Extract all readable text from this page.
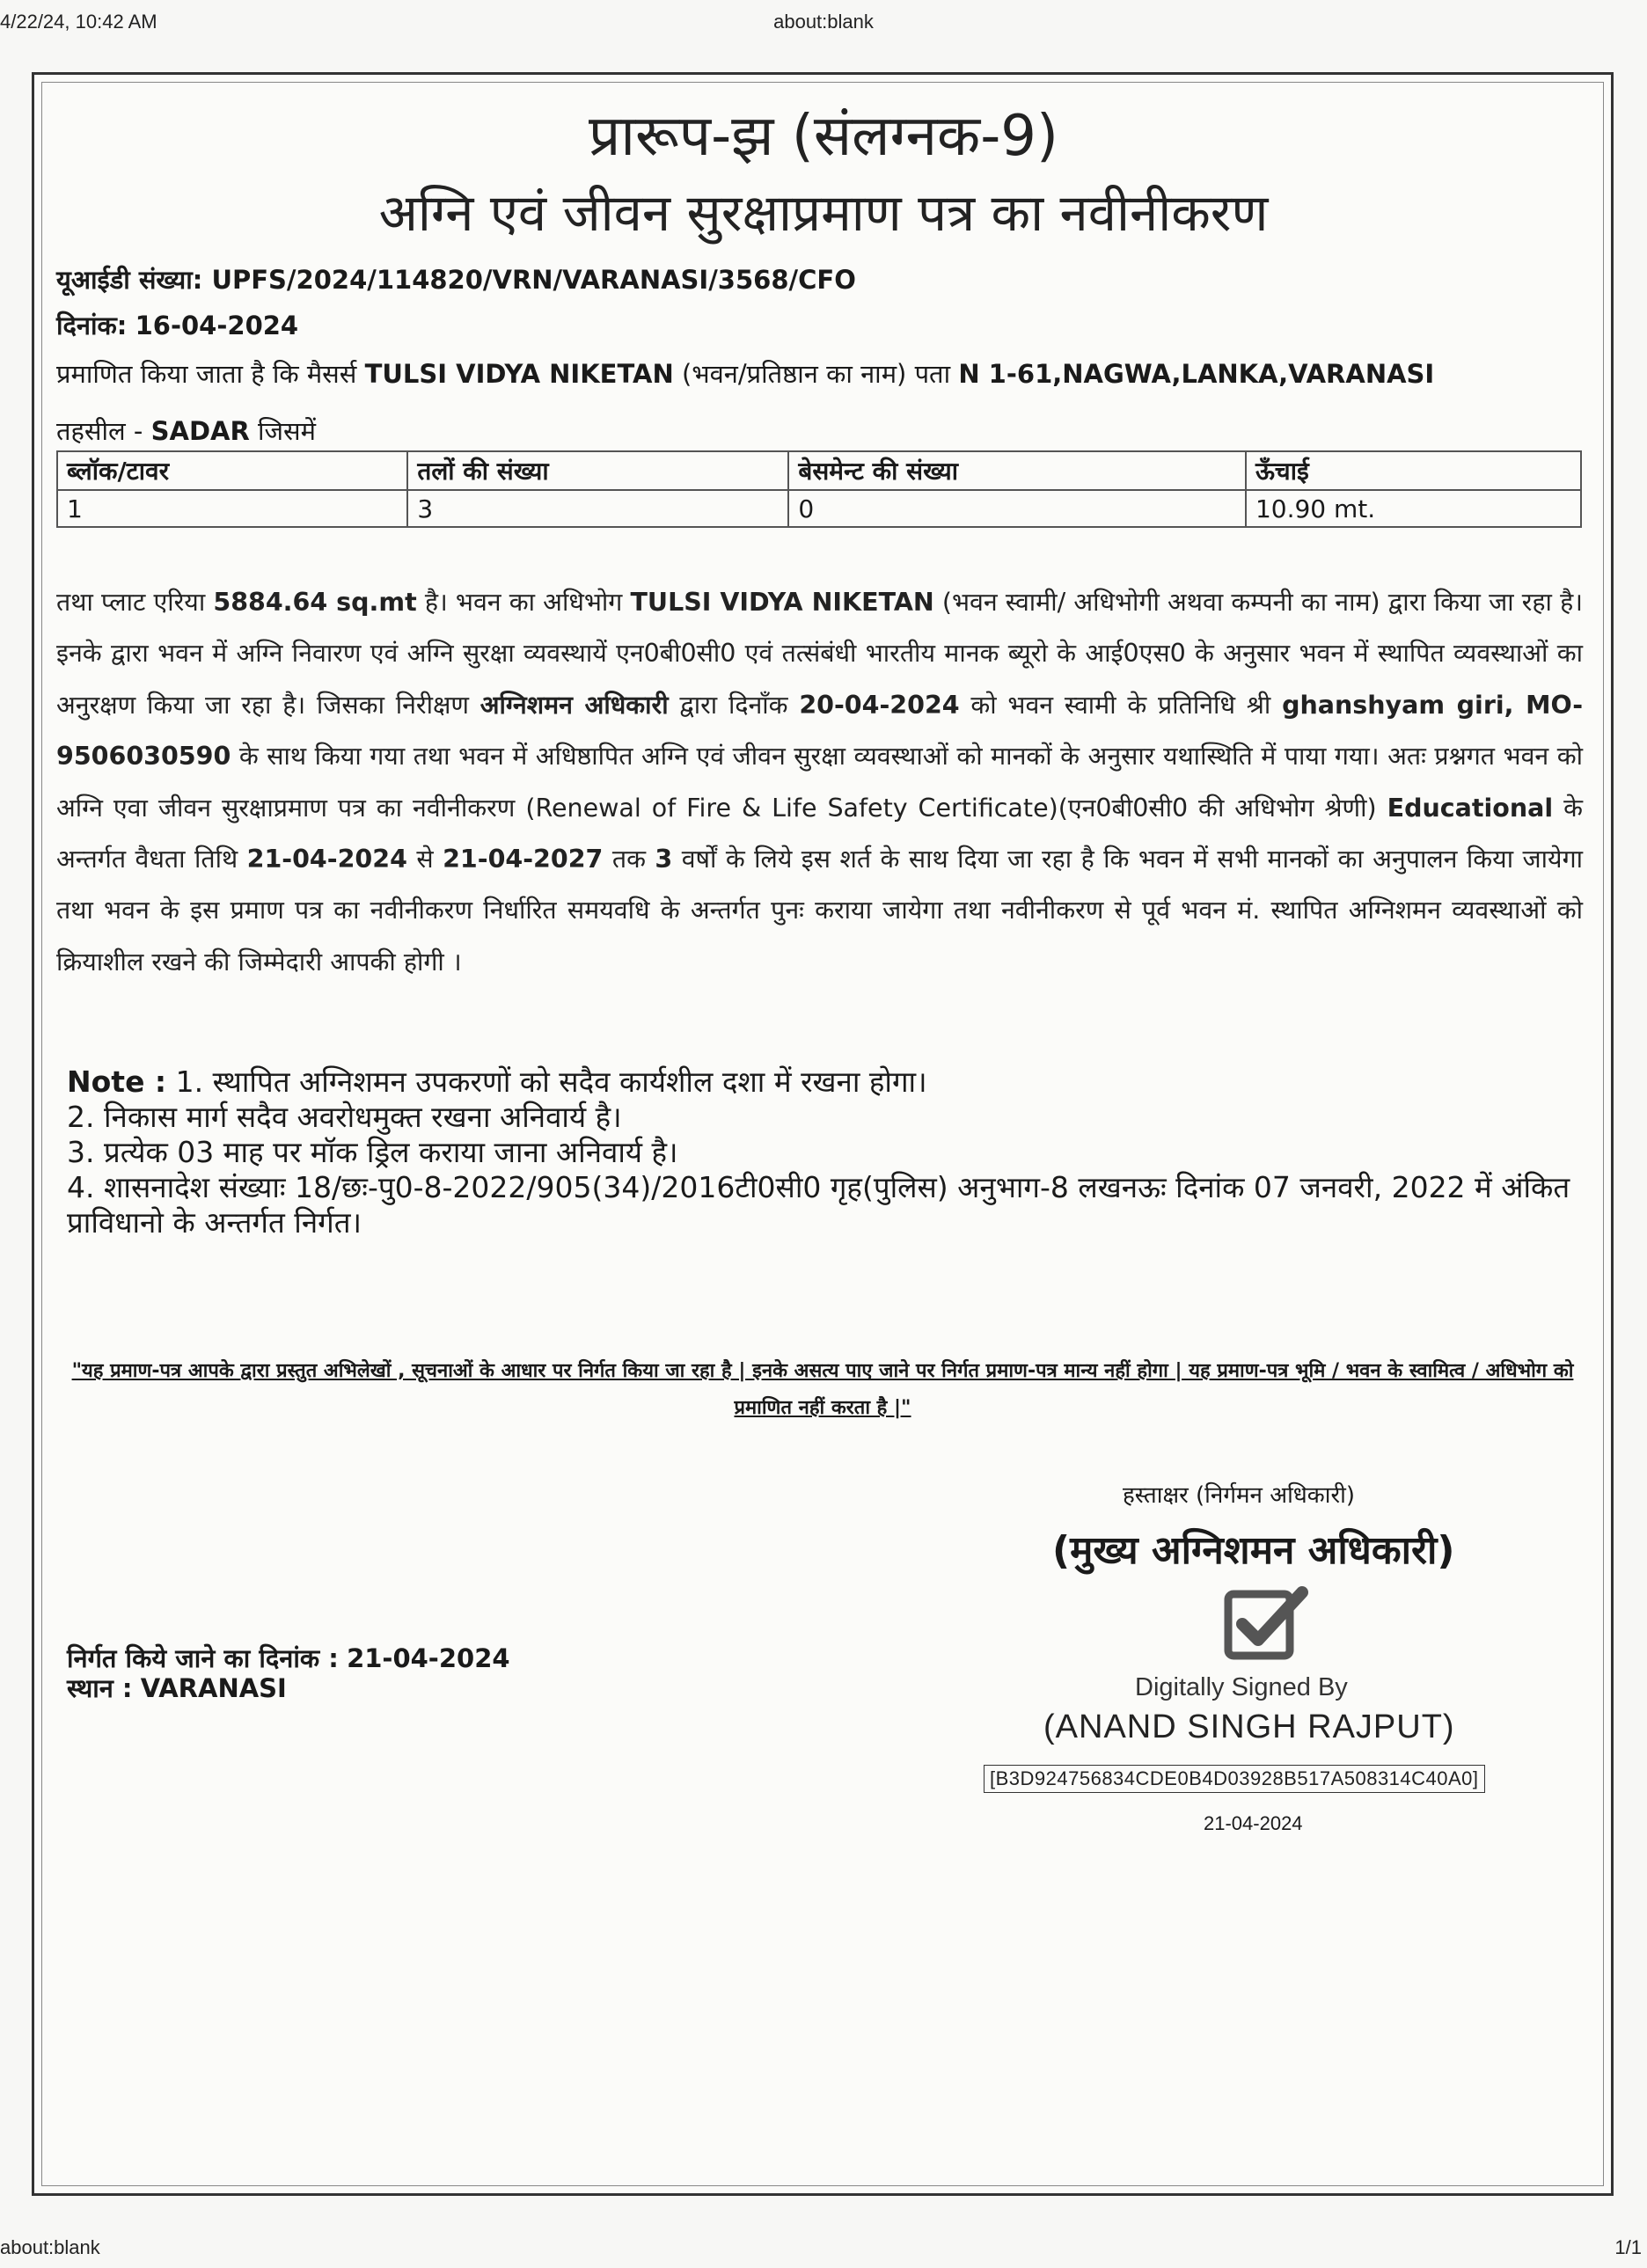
4/22/24, 10:42 AM	about:blank
about:blank	1/1
प्रारूप-झ (संलग्नक-9)
अग्नि एवं जीवन सुरक्षाप्रमाण पत्र का नवीनीकरण
यूआईडी संख्या: UPFS/2024/114820/VRN/VARANASI/3568/CFO
दिनांक: 16-04-2024
प्रमाणित किया जाता है कि मैसर्स TULSI VIDYA NIKETAN (भवन/प्रतिष्ठान का नाम) पता N 1-61,NAGWA,LANKA,VARANASI
तहसील - SADAR जिसमें
ब्लॉक/टावर	तलों की संख्या	बेसमेन्ट की संख्या	ऊँचाई
1	3	0	10.90 mt.
तथा प्लाट एरिया 5884.64 sq.mt है। भवन का अधिभोग TULSI VIDYA NIKETAN (भवन स्वामी/ अधिभोगी अथवा कम्पनी का नाम) द्वारा किया जा रहा है। इनके द्वारा भवन में अग्नि निवारण एवं अग्नि सुरक्षा व्यवस्थायें एन0बी0सी0 एवं तत्संबंधी भारतीय मानक ब्यूरो के आई0एस0 के अनुसार भवन में स्थापित व्यवस्थाओं का अनुरक्षण किया जा रहा है। जिसका निरीक्षण अग्निशमन अधिकारी द्वारा दिनाँक 20-04-2024 को भवन स्वामी के प्रतिनिधि श्री ghanshyam giri, MO-9506030590 के साथ किया गया तथा भवन में अधिष्ठापित अग्नि एवं जीवन सुरक्षा व्यवस्थाओं को मानकों के अनुसार यथास्थिति में पाया गया। अतः प्रश्नगत भवन को अग्नि एवा जीवन सुरक्षाप्रमाण पत्र का नवीनीकरण (Renewal of Fire & Life Safety Certificate)(एन0बी0सी0 की अधिभोग श्रेणी) Educational के अन्तर्गत वैधता तिथि 21-04-2024 से 21-04-2027 तक 3 वर्षों के लिये इस शर्त के साथ दिया जा रहा है कि भवन में सभी मानकों का अनुपालन किया जायेगा तथा भवन के इस प्रमाण पत्र का नवीनीकरण निर्धारित समयवधि के अन्तर्गत पुनः कराया जायेगा तथा नवीनीकरण से पूर्व भवन मं. स्थापित अग्निशमन व्यवस्थाओं को क्रियाशील रखने की जिम्मेदारी आपकी होगी ।
Note : 1. स्थापित अग्निशमन उपकरणों को सदैव कार्यशील दशा में रखना होगा।
2. निकास मार्ग सदैव अवरोधमुक्त रखना अनिवार्य है।
3. प्रत्येक 03 माह पर मॉक ड्रिल कराया जाना अनिवार्य है।
4. शासनादेश संख्याः 18/छः-पु0-8-2022/905(34)/2016टी0सी0 गृह(पुलिस) अनुभाग-8 लखनऊः दिनांक 07 जनवरी, 2022 में अंकित प्राविधानो के अन्तर्गत निर्गत।
"यह प्रमाण-पत्र आपके द्वारा प्रस्तुत अभिलेखों , सूचनाओं के आधार पर निर्गत किया जा रहा है | इनके असत्य पाए जाने पर निर्गत प्रमाण-पत्र मान्य नहीं होगा | यह प्रमाण-पत्र भूमि / भवन के स्वामित्व / अधिभोग को प्रमाणित नहीं करता है |"
हस्ताक्षर (निर्गमन अधिकारी)
(मुख्य अग्निशमन अधिकारी)
Digitally Signed By
(ANAND SINGH RAJPUT)
[B3D924756834CDE0B4D03928B517A508314C40A0]
21-04-2024
निर्गत किये जाने का दिनांक : 21-04-2024
स्थान : VARANASI
